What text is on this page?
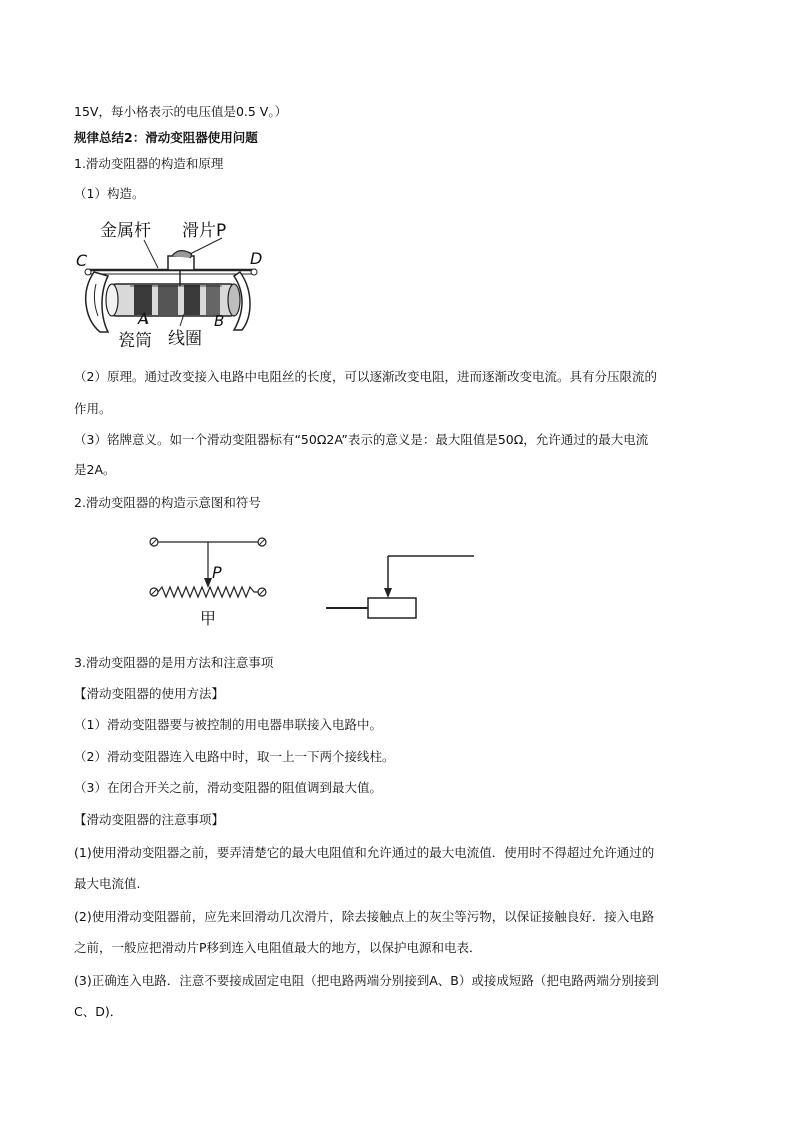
15V，每小格表示的电压值是0.5 V。）
规律总结2：滑动变阻器使用问题
1.滑动变阻器的构造和原理
（1）构造。
金属杆 滑片P
C	D
A	B
瓷筒 线圈
（2）原理。通过改变接入电路中电阻丝的长度，可以逐渐改变电阻，进而逐渐改变电流。具有分压限流的
作用。
（3）铭牌意义。如一个滑动变阻器标有“50Ω2A”表示的意义是：最大阻值是50Ω，允许通过的最大电流
是2A。
2.滑动变阻器的构造示意图和符号
P
甲
3.滑动变阻器的是用方法和注意事项
【滑动变阻器的使用方法】
（1）滑动变阻器要与被控制的用电器串联接入电路中。
（2）滑动变阻器连入电路中时，取一上一下两个接线柱。
（3）在闭合开关之前，滑动变阻器的阻值调到最大值。
【滑动变阻器的注意事项】
(1)使用滑动变阻器之前，要弄清楚它的最大电阻值和允许通过的最大电流值．使用时不得超过允许通过的
最大电流值.
(2)使用滑动变阻器前，应先来回滑动几次滑片，除去接触点上的灰尘等污物，以保证接触良好．接入电路
之前，一般应把滑动片P移到连入电阻值最大的地方，以保护电源和电表．
(3)正确连入电路．注意不要接成固定电阻（把电路两端分别接到A、B）或接成短路（把电路两端分别接到
C、D)．
